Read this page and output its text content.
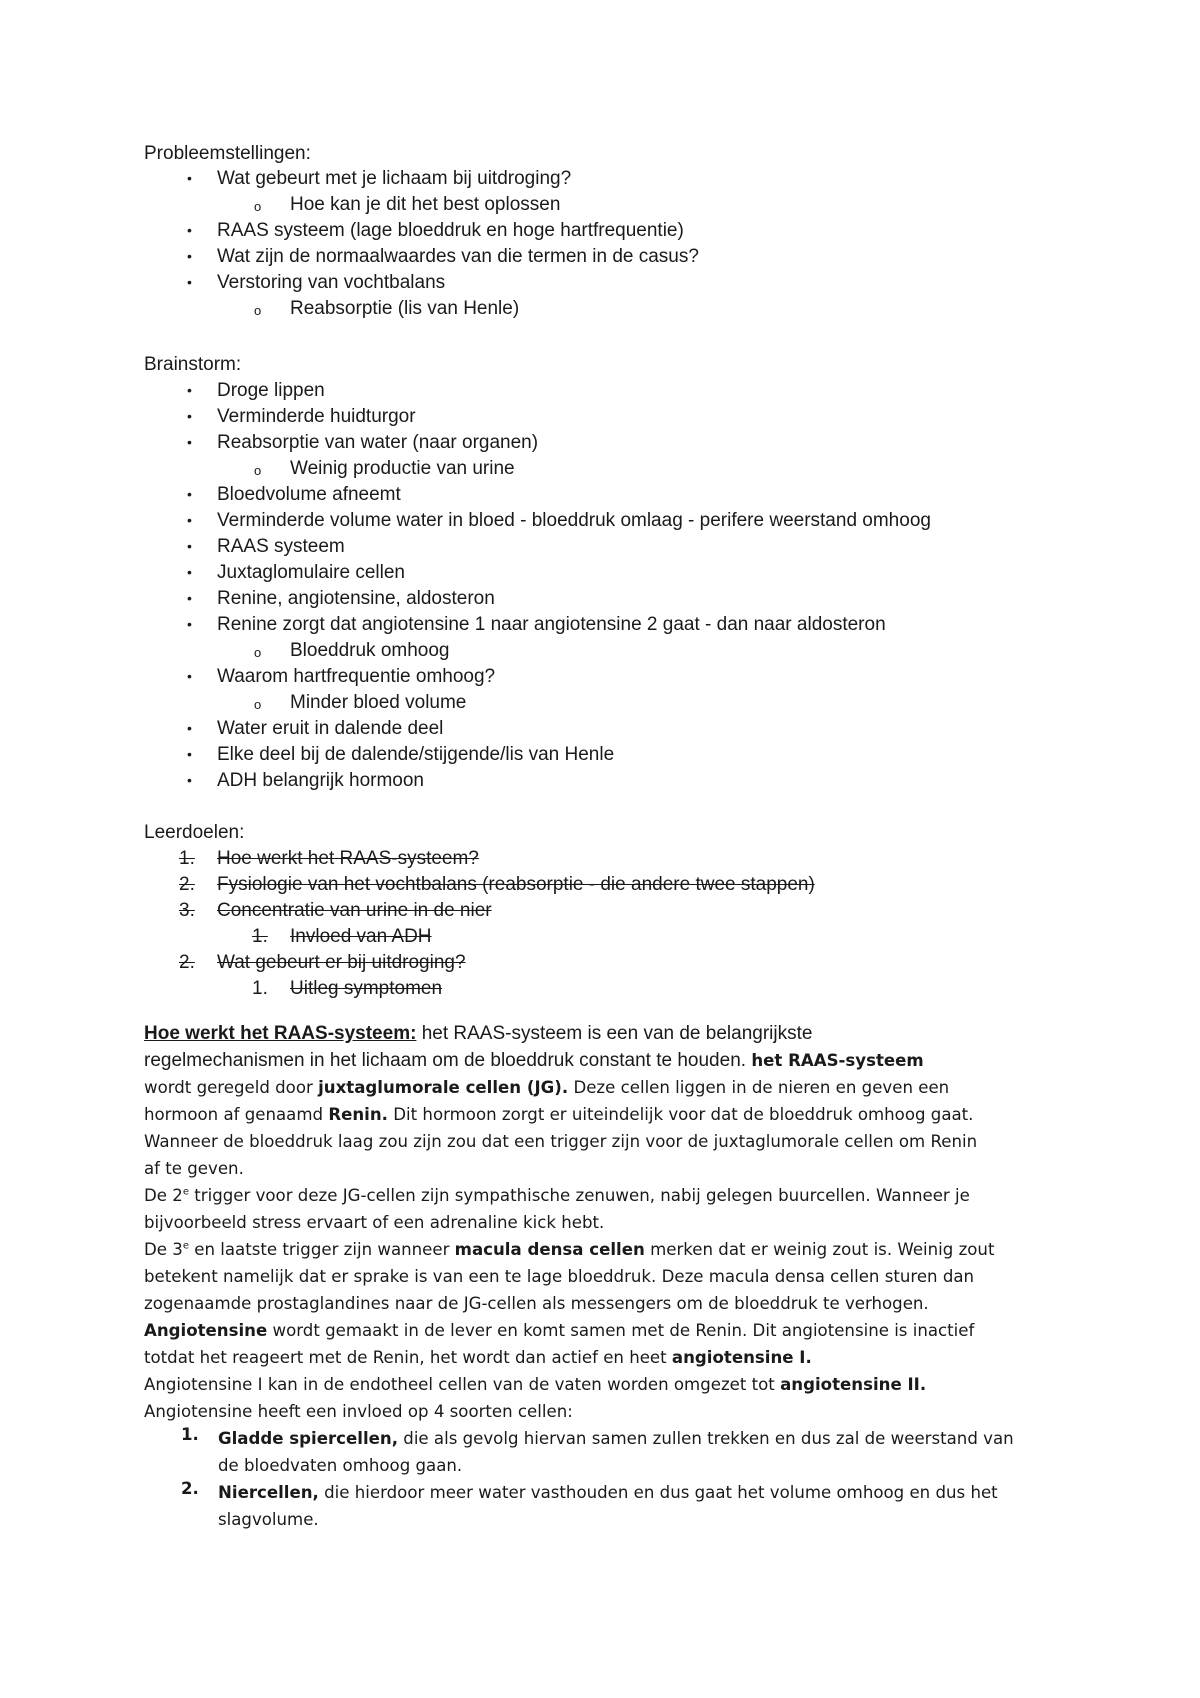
Probleemstellingen:
• Wat gebeurt met je lichaam bij uitdroging?
o Hoe kan je dit het best oplossen
• RAAS systeem (lage bloeddruk en hoge hartfrequentie)
• Wat zijn de normaalwaardes van die termen in de casus?
• Verstoring van vochtbalans
o Reabsorptie (lis van Henle)
Brainstorm:
• Droge lippen
• Verminderde huidturgor
• Reabsorptie van water (naar organen)
o Weinig productie van urine
• Bloedvolume afneemt
• Verminderde volume water in bloed - bloeddruk omlaag - perifere weerstand omhoog
• RAAS systeem
• Juxtaglomulaire cellen
• Renine, angiotensine, aldosteron
• Renine zorgt dat angiotensine 1 naar angiotensine 2 gaat - dan naar aldosteron
o Bloeddruk omhoog
• Waarom hartfrequentie omhoog?
o Minder bloed volume
• Water eruit in dalende deel
• Elke deel bij de dalende/stijgende/lis van Henle
• ADH belangrijk hormoon
Leerdoelen:
1. Hoe werkt het RAAS-systeem?
2. Fysiologie van het vochtbalans (reabsorptie - die andere twee stappen)
3. Concentratie van urine in de nier
1. Invloed van ADH
2. Wat gebeurt er bij uitdroging?
1. Uitleg symptomen
Hoe werkt het RAAS-systeem: het RAAS-systeem is een van de belangrijkste
regelmechanismen in het lichaam om de bloeddruk constant te houden. het RAAS-systeem
wordt geregeld door juxtaglumorale cellen (JG). Deze cellen liggen in de nieren en geven een
hormoon af genaamd Renin. Dit hormoon zorgt er uiteindelijk voor dat de bloeddruk omhoog gaat.
Wanneer de bloeddruk laag zou zijn zou dat een trigger zijn voor de juxtaglumorale cellen om Renin
af te geven.
De 2e trigger voor deze JG-cellen zijn sympathische zenuwen, nabij gelegen buurcellen. Wanneer je
bijvoorbeeld stress ervaart of een adrenaline kick hebt.
De 3e en laatste trigger zijn wanneer macula densa cellen merken dat er weinig zout is. Weinig zout
betekent namelijk dat er sprake is van een te lage bloeddruk. Deze macula densa cellen sturen dan
zogenaamde prostaglandines naar de JG-cellen als messengers om de bloeddruk te verhogen.
Angiotensine wordt gemaakt in de lever en komt samen met de Renin. Dit angiotensine is inactief
totdat het reageert met de Renin, het wordt dan actief en heet angiotensine I.
Angiotensine I kan in de endotheel cellen van de vaten worden omgezet tot angiotensine II.
Angiotensine heeft een invloed op 4 soorten cellen:
1. Gladde spiercellen, die als gevolg hiervan samen zullen trekken en dus zal de weerstand van
de bloedvaten omhoog gaan.
2. Niercellen, die hierdoor meer water vasthouden en dus gaat het volume omhoog en dus het
slagvolume.
